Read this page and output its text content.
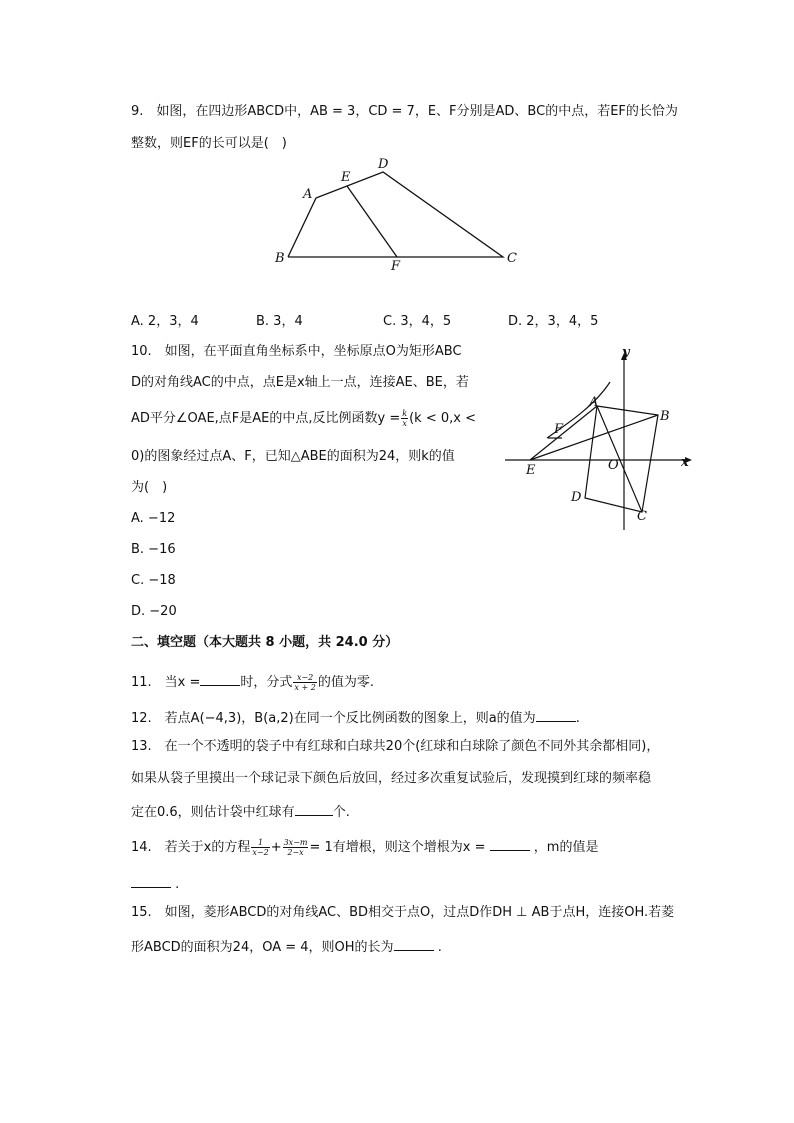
9.　如图，在四边形ABCD中，AB = 3，CD = 7，E、F分别是AD、BC的中点，若EF的长恰为
整数，则EF的长可以是(　)
A
B	C
D
E
F
A. 2，3，4	B. 3，4	C. 3，4，5	D. 2，3，4，5
10.　如图，在平面直角坐标系中，坐标原点O为矩形ABC
D的对角线AC的中点，点E是x轴上一点，连接AE、BE，若
AD平分∠OAE,点F是AE的中点,反比例函数$y = \frac{k}{x} (k < 0,x$ <
0)的图象经过点A、F，已知△ABE的面积为24，则k的值
为(　)
A. −12
B. −16
C. −18
D. −20
y
x
A
B
C
D
E
F
O
二、填空题（本大题共 8 小题，共 24.0 分）
11.　当x =	时，分式 $\frac{x-2}{x + 2}$ 的值为零.
12.　若点A(−4,3)，B(a,2)在同一个反比例函数的图象上，则a的值为	.
13.　在一个不透明的袋子中有红球和白球共20个(红球和白球除了颜色不同外其余都相同)，
如果从袋子里摸出一个球记录下颜色后放回，经过多次重复试验后，发现摸到红球的频率稳
定在0.6，则估计袋中红球有	个.
14.　若关于x的方程 $\frac{1}{x-2} + \frac{3x-m}{2-x} = 1$有增根，则这个增根为x =	，m的值是
.
15.　如图，菱形ABCD的对角线AC、BD相交于点O，过点D作DH ⊥ AB于点H，连接OH.若菱
形ABCD的面积为24，OA = 4，则OH的长为	.
